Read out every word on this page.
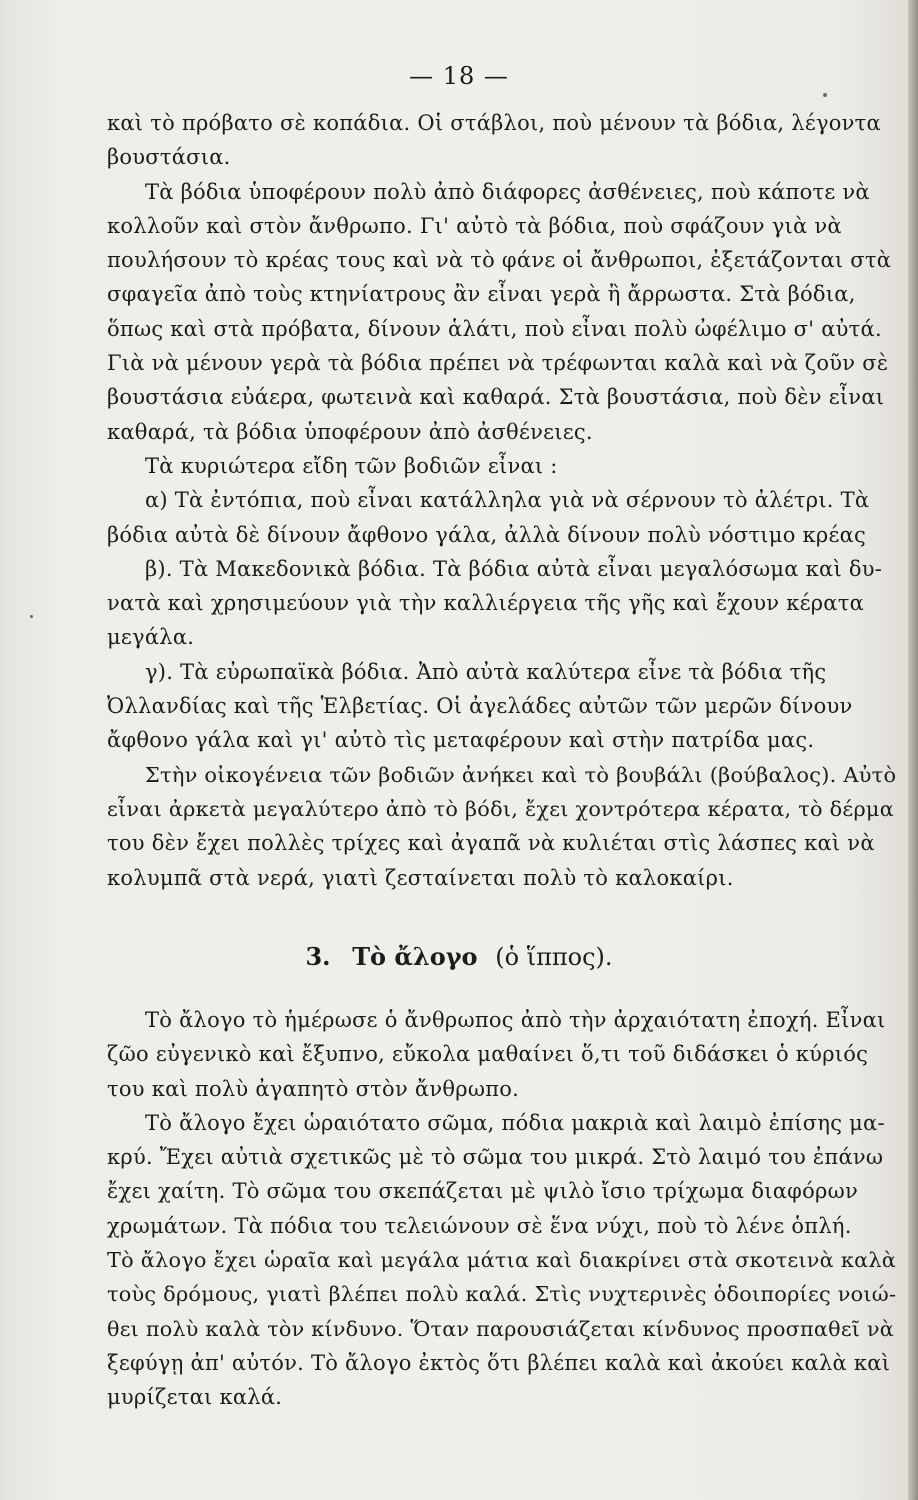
— 18 —
καὶ τὸ πρόβατο σὲ κοπάδια. Οἱ στάβλοι, ποὺ μένουν τὰ βόδια, λέγοντα
βουστάσια.
Τὰ βόδια ὑποφέρουν πολὺ ἀπὸ διάφορες ἀσθένειες, ποὺ κάποτε νὰ
κολλοῦν καὶ στὸν ἄνθρωπο. Γι' αὐτὸ τὰ βόδια, ποὺ σφάζουν γιὰ νὰ
πουλήσουν τὸ κρέας τους καὶ νὰ τὸ φάνε οἱ ἄνθρωποι, ἐξετάζονται στὰ
σφαγεῖα ἀπὸ τοὺς κτηνίατρους ἂν εἶναι γερὰ ἢ ἄρρωστα. Στὰ βόδια,
ὅπως καὶ στὰ πρόβατα, δίνουν ἁλάτι, ποὺ εἶναι πολὺ ὠφέλιμο σ' αὐτά.
Γιὰ νὰ μένουν γερὰ τὰ βόδια πρέπει νὰ τρέφωνται καλὰ καὶ νὰ ζοῦν σὲ
βουστάσια εὐάερα, φωτεινὰ καὶ καθαρά. Στὰ βουστάσια, ποὺ δὲν εἶναι
καθαρά, τὰ βόδια ὑποφέρουν ἀπὸ ἀσθένειες.
Τὰ κυριώτερα εἴδη τῶν βοδιῶν εἶναι :
α) Τὰ ἐντόπια, ποὺ εἶναι κατάλληλα γιὰ νὰ σέρνουν τὸ ἀλέτρι. Τὰ
βόδια αὐτὰ δὲ δίνουν ἄφθονο γάλα, ἀλλὰ δίνουν πολὺ νόστιμο κρέας
β). Τὰ Μακεδονικὰ βόδια. Τὰ βόδια αὐτὰ εἶναι μεγαλόσωμα καὶ δυ-
νατὰ καὶ χρησιμεύουν γιὰ τὴν καλλιέργεια τῆς γῆς καὶ ἔχουν κέρατα
μεγάλα.
γ). Τὰ εὐρωπαϊκὰ βόδια. Ἀπὸ αὐτὰ καλύτερα εἶνε τὰ βόδια τῆς
Ὀλλανδίας καὶ τῆς Ἑλβετίας. Οἱ ἀγελάδες αὐτῶν τῶν μερῶν δίνουν
ἄφθονο γάλα καὶ γι' αὐτὸ τὶς μεταφέρουν καὶ στὴν πατρίδα μας.
Στὴν οἰκογένεια τῶν βοδιῶν ἀνήκει καὶ τὸ βουβάλι (βούβαλος). Αὐτὸ
εἶναι ἀρκετὰ μεγαλύτερο ἀπὸ τὸ βόδι, ἔχει χοντρότερα κέρατα, τὸ δέρμα
του δὲν ἔχει πολλὲς τρίχες καὶ ἀγαπᾶ νὰ κυλιέται στὶς λάσπες καὶ νὰ
κολυμπᾶ στὰ νερά, γιατὶ ζεσταίνεται πολὺ τὸ καλοκαίρι.
3. Τὸ ἄλογο (ὁ ἵππος).
Τὸ ἄλογο τὸ ἡμέρωσε ὁ ἄνθρωπος ἀπὸ τὴν ἀρχαιότατη ἐποχή. Εἶναι
ζῶο εὐγενικὸ καὶ ἔξυπνο, εὔκολα μαθαίνει ὅ,τι τοῦ διδάσκει ὁ κύριός
του καὶ πολὺ ἀγαπητὸ στὸν ἄνθρωπο.
Τὸ ἄλογο ἔχει ὡραιότατο σῶμα, πόδια μακριὰ καὶ λαιμὸ ἐπίσης μα-
κρύ. Ἔχει αὐτιὰ σχετικῶς μὲ τὸ σῶμα του μικρά. Στὸ λαιμό του ἐπάνω
ἔχει χαίτη. Τὸ σῶμα του σκεπάζεται μὲ ψιλὸ ἴσιο τρίχωμα διαφόρων
χρωμάτων. Τὰ πόδια του τελειώνουν σὲ ἕνα νύχι, ποὺ τὸ λένε ὁπλή.
Τὸ ἄλογο ἔχει ὡραῖα καὶ μεγάλα μάτια καὶ διακρίνει στὰ σκοτεινὰ καλὰ
τοὺς δρόμους, γιατὶ βλέπει πολὺ καλά. Στὶς νυχτερινὲς ὁδοιπορίες νοιώ-
θει πολὺ καλὰ τὸν κίνδυνο. Ὅταν παρουσιάζεται κίνδυνος προσπαθεῖ νὰ
ξεφύγῃ ἀπ' αὐτόν. Τὸ ἄλογο ἐκτὸς ὅτι βλέπει καλὰ καὶ ἀκούει καλὰ καὶ
μυρίζεται καλά.
